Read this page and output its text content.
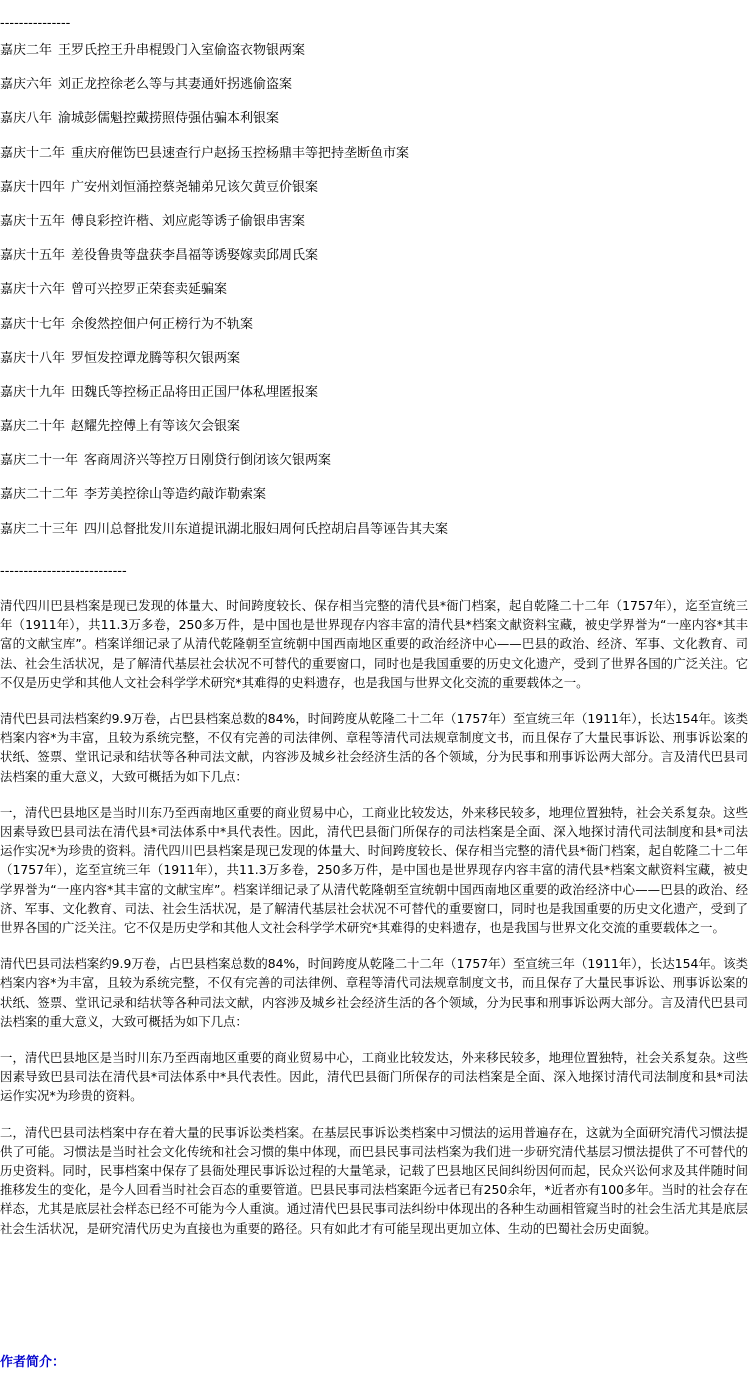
---------------
嘉庆二年 王罗氏控王升串棍毁门入室偷盗衣物银两案
嘉庆六年 刘正龙控徐老么等与其妻通奸拐逃偷盗案
嘉庆八年 渝城彭儒魁控戴捞照侍强估骗本利银案
嘉庆十二年 重庆府催饬巴县速查行户赵扬玉控杨鼎丰等把持垄断鱼市案
嘉庆十四年 广安州刘恒涌控蔡尧辅弟兄该欠黄豆价银案
嘉庆十五年 傅良彩控许楷、刘应彪等诱子偷银串害案
嘉庆十五年 差役鲁贵等盘获李昌福等诱娶嫁卖邱周氏案
嘉庆十六年 曾可兴控罗正荣套卖延骗案
嘉庆十七年 余俊然控佃户何正榜行为不轨案
嘉庆十八年 罗恒发控谭龙腾等积欠银两案
嘉庆十九年 田魏氏等控杨正品将田正国尸体私埋匿报案
嘉庆二十年 赵耀先控傅上有等该欠会银案
嘉庆二十一年 客商周济兴等控万日刚贷行倒闭该欠银两案
嘉庆二十二年 李芳美控徐山等造约敲诈勒索案
嘉庆二十三年 四川总督批发川东道提讯湖北服妇周何氏控胡启昌等诬告其夫案
---------------------------

清代四川巴县档案是现已发现的体量大、时间跨度较长、保存相当完整的清代县*衙门档案，起自乾隆二十二年（1757年），迄至宣统三年（1911年），共11.3万多卷，250多万件，是中国也是世界现存内容丰富的清代县*档案文献资料宝藏，被史学界誉为“一座内容*其丰富的文献宝库”。档案详细记录了从清代乾隆朝至宣统朝中国西南地区重要的政治经济中心——巴县的政治、经济、军事、文化教育、司法、社会生活状况，是了解清代基层社会状况不可替代的重要窗口，同时也是我国重要的历史文化遗产，受到了世界各国的广泛关注。它不仅是历史学和其他人文社会科学学术研究*其难得的史料遗存，也是我国与世界文化交流的重要载体之一。

清代巴县司法档案约9.9万卷，占巴县档案总数的84%，时间跨度从乾隆二十二年（1757年）至宣统三年（1911年），长达154年。该类档案内容*为丰富，且较为系统完整，不仅有完善的司法律例、章程等清代司法规章制度文书，而且保存了大量民事诉讼、刑事诉讼案的状纸、签票、堂讯记录和结状等各种司法文献，内容涉及城乡社会经济生活的各个领域，分为民事和刑事诉讼两大部分。言及清代巴县司法档案的重大意义，大致可概括为如下几点：

一，清代巴县地区是当时川东乃至西南地区重要的商业贸易中心，工商业比较发达，外来移民较多，地理位置独特，社会关系复杂。这些因素导致巴县司法在清代县*司法体系中*具代表性。因此，清代巴县衙门所保存的司法档案是全面、深入地探讨清代司法制度和县*司法运作实况*为珍贵的资料。清代四川巴县档案是现已发现的体量大、时间跨度较长、保存相当完整的清代县*衙门档案，起自乾隆二十二年（1757年），迄至宣统三年（1911年），共11.3万多卷，250多万件，是中国也是世界现存内容丰富的清代县*档案文献资料宝藏，被史学界誉为“一座内容*其丰富的文献宝库”。档案详细记录了从清代乾隆朝至宣统朝中国西南地区重要的政治经济中心——巴县的政治、经济、军事、文化教育、司法、社会生活状况，是了解清代基层社会状况不可替代的重要窗口，同时也是我国重要的历史文化遗产，受到了世界各国的广泛关注。它不仅是历史学和其他人文社会科学学术研究*其难得的史料遗存，也是我国与世界文化交流的重要载体之一。

清代巴县司法档案约9.9万卷，占巴县档案总数的84%，时间跨度从乾隆二十二年（1757年）至宣统三年（1911年），长达154年。该类档案内容*为丰富，且较为系统完整，不仅有完善的司法律例、章程等清代司法规章制度文书，而且保存了大量民事诉讼、刑事诉讼案的状纸、签票、堂讯记录和结状等各种司法文献，内容涉及城乡社会经济生活的各个领域，分为民事和刑事诉讼两大部分。言及清代巴县司法档案的重大意义，大致可概括为如下几点：

一，清代巴县地区是当时川东乃至西南地区重要的商业贸易中心，工商业比较发达，外来移民较多，地理位置独特，社会关系复杂。这些因素导致巴县司法在清代县*司法体系中*具代表性。因此，清代巴县衙门所保存的司法档案是全面、深入地探讨清代司法制度和县*司法运作实况*为珍贵的资料。

二，清代巴县司法档案中存在着大量的民事诉讼类档案。在基层民事诉讼类档案中习惯法的运用普遍存在，这就为全面研究清代习惯法提供了可能。习惯法是当时社会文化传统和社会习惯的集中体现，而巴县民事司法档案为我们进一步研究清代基层习惯法提供了不可替代的历史资料。同时，民事档案中保存了县衙处理民事诉讼过程的大量笔录，记载了巴县地区民间纠纷因何而起，民众兴讼何求及其伴随时间推移发生的变化，是今人回看当时社会百态的重要管道。巴县民事司法档案距今远者已有250余年，*近者亦有100多年。当时的社会存在样态，尤其是底层社会样态已经不可能为今人重演。通过清代巴县民事司法纠纷中体现出的各种生动画相管窥当时的社会生活尤其是底层社会生活状况，是研究清代历史为直接也为重要的路径。只有如此才有可能呈现出更加立体、生动的巴蜀社会历史面貌。

作者简介：
